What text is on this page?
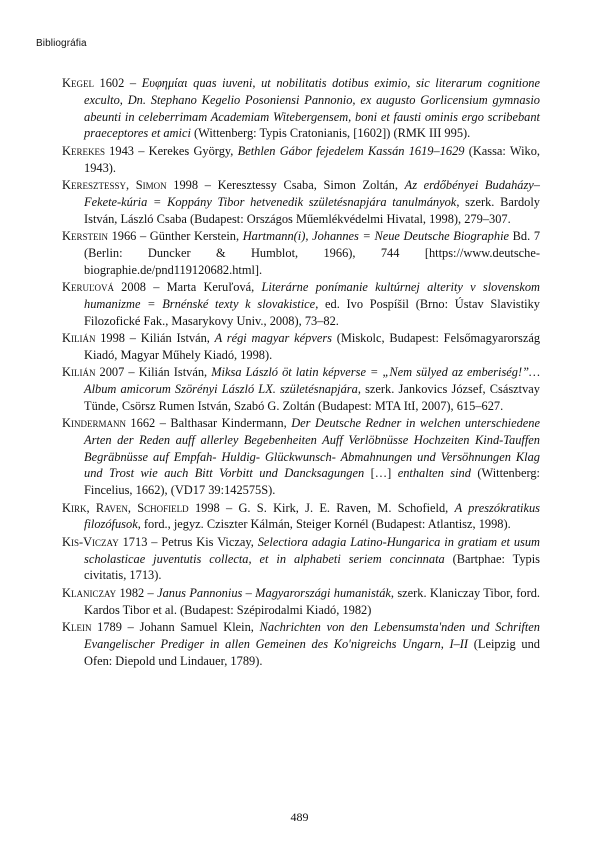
Bibliográfia
Kegel 1602 – Ευφημίαι quas iuveni, ut nobilitatis dotibus eximio, sic literarum cognitione exculto, Dn. Stephano Kegelio Posoniensi Pannonio, ex augusto Gorlicensium gymnasio abeunti in celeberrimam Academiam Witebergensem, boni et fausti ominis ergo scribebant praeceptores et amici (Wittenberg: Typis Cratonianis, [1602]) (RMK III 995).
Kerekes 1943 – Kerekes György, Bethlen Gábor fejedelem Kassán 1619–1629 (Kassa: Wiko, 1943).
Keresztessy, Simon 1998 – Keresztessy Csaba, Simon Zoltán, Az erdőbényei Budaházy–Fekete-kúria = Koppány Tibor hetvenedik születésnapjára tanulmányok, szerk. Bardoly István, László Csaba (Budapest: Országos Műemlékvédelmi Hivatal, 1998), 279–307.
Kerstein 1966 – Günther Kerstein, Hartmann(i), Johannes = Neue Deutsche Biographie Bd. 7 (Berlin: Duncker & Humblot, 1966), 744 [https://www.deutsche-biographie.de/pnd119120682.html].
Keruľová 2008 – Marta Keruľová, Literárne ponímanie kultúrnej alterity v slovenskom humanizme = Brnénské texty k slovakistice, ed. Ivo Pospíšil (Brno: Ústav Slavistiky Filozofické Fak., Masarykovy Univ., 2008), 73–82.
Kilián 1998 – Kilián István, A régi magyar képvers (Miskolc, Budapest: Felsőmagyarország Kiadó, Magyar Műhely Kiadó, 1998).
Kilián 2007 – Kilián István, Miksa László öt latin képverse = „Nem sülyed az emberiség!”… Album amicorum Szörényi László LX. születésnapjára, szerk. Jankovics József, Császtvay Tünde, Csörsz Rumen István, Szabó G. Zoltán (Budapest: MTA ItI, 2007), 615–627.
Kindermann 1662 – Balthasar Kindermann, Der Deutsche Redner in welchen unterschiedene Arten der Reden auff allerley Begebenheiten Auff Verlöbnüsse Hochzeiten Kind-Tauffen Begräbnüsse auf Empfah- Huldig- Glückwunsch- Abmahnungen und Versöhnungen Klag und Trost wie auch Bitt Vorbitt und Dancksagungen […] enthalten sind (Wittenberg: Fincelius, 1662), (VD17 39:142575S).
Kirk, Raven, Schofield 1998 – G. S. Kirk, J. E. Raven, M. Schofield, A preszókratikus filozófusok, ford., jegyz. Cziszter Kálmán, Steiger Kornél (Budapest: Atlantisz, 1998).
Kis-Viczay 1713 – Petrus Kis Viczay, Selectiora adagia Latino-Hungarica in gratiam et usum scholasticae juventutis collecta, et in alphabeti seriem concinnata (Bartphae: Typis civitatis, 1713).
Klaniczay 1982 – Janus Pannonius – Magyarországi humanisták, szerk. Klaniczay Tibor, ford. Kardos Tibor et al. (Budapest: Szépirodalmi Kiadó, 1982)
Klein 1789 – Johann Samuel Klein, Nachrichten von den Lebensumsta'nden und Schriften Evangelischer Prediger in allen Gemeinen des Ko'nigreichs Ungarn, I–II (Leipzig und Ofen: Diepold und Lindauer, 1789).
489
